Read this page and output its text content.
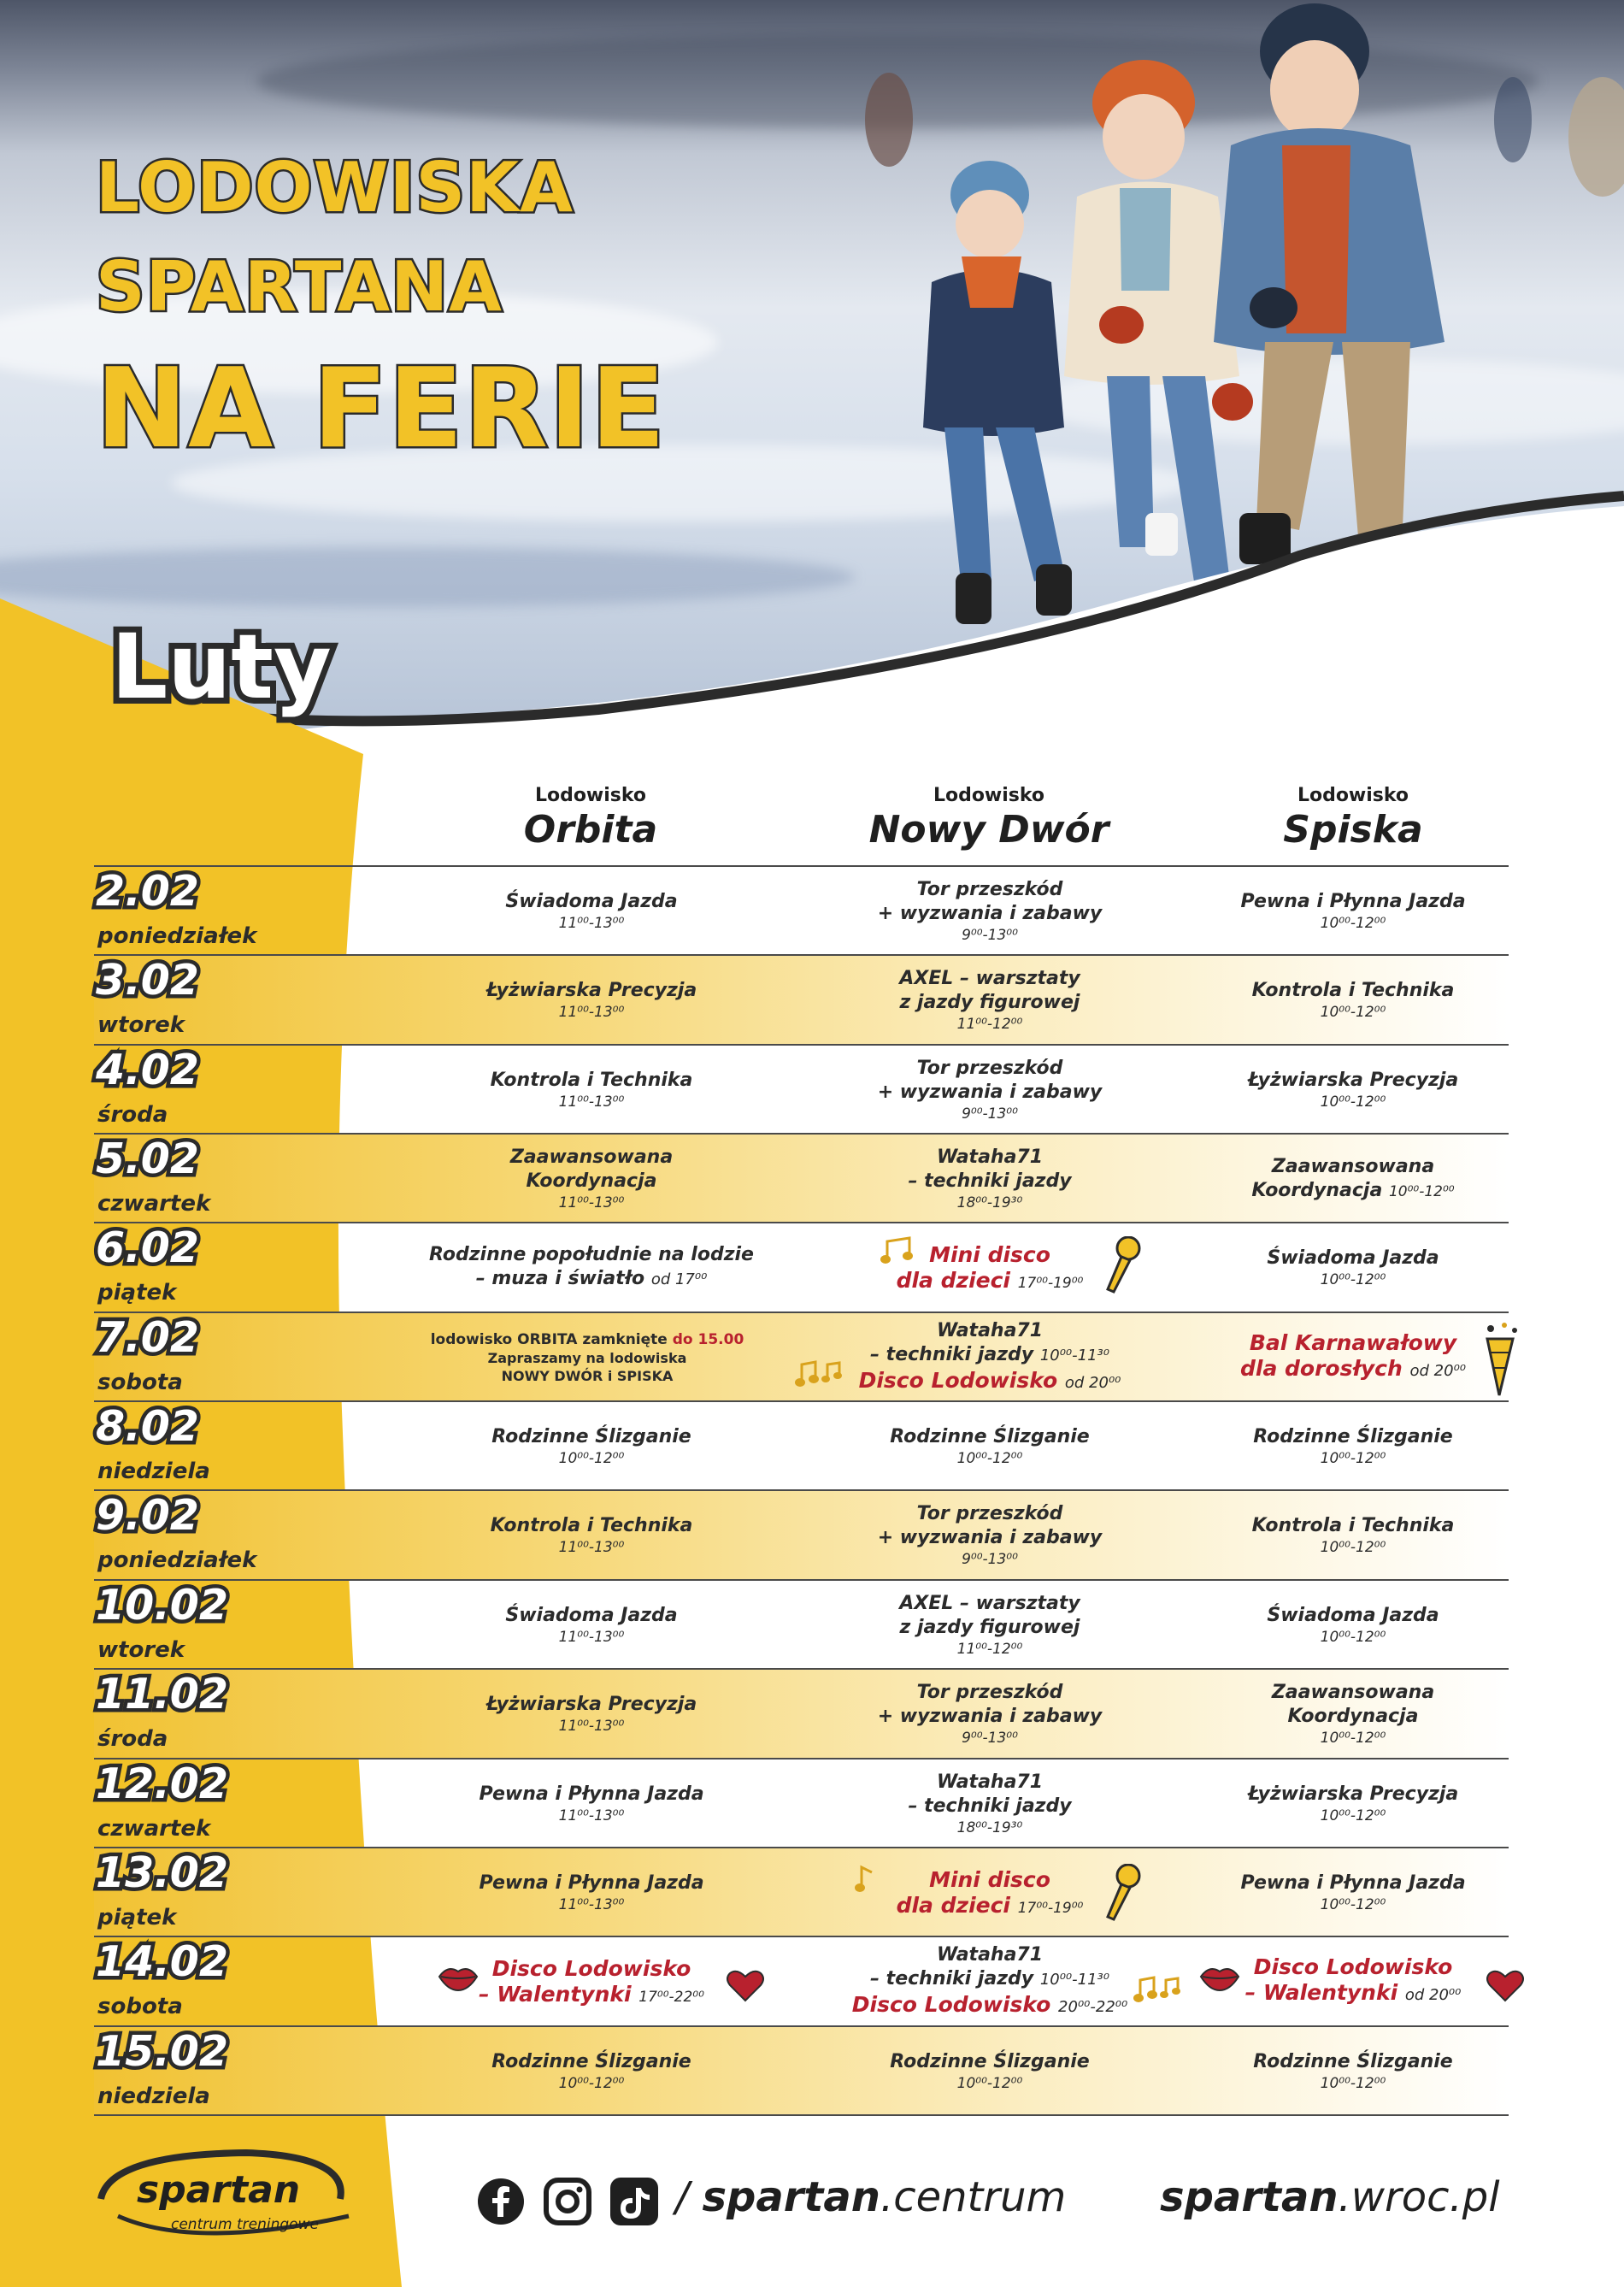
LODOWISKA
SPARTANA
NA FERIE
Luty
Lodowisko
Orbita
Lodowisko
Nowy Dwór
Lodowisko
Spiska
2.02
poniedziałek
Świadoma Jazda
11⁰⁰-13⁰⁰
Tor przeszkód
+ wyzwania i zabawy
9⁰⁰-13⁰⁰
Pewna i Płynna Jazda
10⁰⁰-12⁰⁰
3.02
wtorek
Łyżwiarska Precyzja
11⁰⁰-13⁰⁰
AXEL – warsztaty
z jazdy figurowej
11⁰⁰-12⁰⁰
Kontrola i Technika
10⁰⁰-12⁰⁰
4.02
środa
Kontrola i Technika
11⁰⁰-13⁰⁰
Tor przeszkód
+ wyzwania i zabawy
9⁰⁰-13⁰⁰
Łyżwiarska Precyzja
10⁰⁰-12⁰⁰
5.02
czwartek
Zaawansowana
Koordynacja
11⁰⁰-13⁰⁰
Wataha71
– techniki jazdy
18⁰⁰-19³⁰
Zaawansowana
Koordynacja 10⁰⁰-12⁰⁰
6.02
piątek
Rodzinne popołudnie na lodzie
– muza i światło od 17⁰⁰
Mini disco
dla dzieci 17⁰⁰-19⁰⁰
Świadoma Jazda
10⁰⁰-12⁰⁰
7.02
sobota
lodowisko ORBITA zamknięte do 15.00
Zapraszamy na lodowiska
NOWY DWÓR i SPISKA
Wataha71
– techniki jazdy 10⁰⁰-11³⁰
Disco Lodowisko od 20⁰⁰
Bal Karnawałowy
dla dorosłych od 20⁰⁰
8.02
niedziela
Rodzinne Ślizganie
10⁰⁰-12⁰⁰
Rodzinne Ślizganie
10⁰⁰-12⁰⁰
Rodzinne Ślizganie
10⁰⁰-12⁰⁰
9.02
poniedziałek
Kontrola i Technika
11⁰⁰-13⁰⁰
Tor przeszkód
+ wyzwania i zabawy
9⁰⁰-13⁰⁰
Kontrola i Technika
10⁰⁰-12⁰⁰
10.02
wtorek
Świadoma Jazda
11⁰⁰-13⁰⁰
AXEL – warsztaty
z jazdy figurowej
11⁰⁰-12⁰⁰
Świadoma Jazda
10⁰⁰-12⁰⁰
11.02
środa
Łyżwiarska Precyzja
11⁰⁰-13⁰⁰
Tor przeszkód
+ wyzwania i zabawy
9⁰⁰-13⁰⁰
Zaawansowana
Koordynacja
10⁰⁰-12⁰⁰
12.02
czwartek
Pewna i Płynna Jazda
11⁰⁰-13⁰⁰
Wataha71
– techniki jazdy
18⁰⁰-19³⁰
Łyżwiarska Precyzja
10⁰⁰-12⁰⁰
13.02
piątek
Pewna i Płynna Jazda
11⁰⁰-13⁰⁰
Mini disco
dla dzieci 17⁰⁰-19⁰⁰
Pewna i Płynna Jazda
10⁰⁰-12⁰⁰
14.02
sobota
Disco Lodowisko
– Walentynki 17⁰⁰-22⁰⁰
Wataha71
– techniki jazdy 10⁰⁰-11³⁰
Disco Lodowisko 20⁰⁰-22⁰⁰
Disco Lodowisko
– Walentynki od 20⁰⁰
15.02
niedziela
Rodzinne Ślizganie
10⁰⁰-12⁰⁰
Rodzinne Ślizganie
10⁰⁰-12⁰⁰
Rodzinne Ślizganie
10⁰⁰-12⁰⁰
spartan
centrum treningowe
/ spartan.centrum spartan.wroc.pl
